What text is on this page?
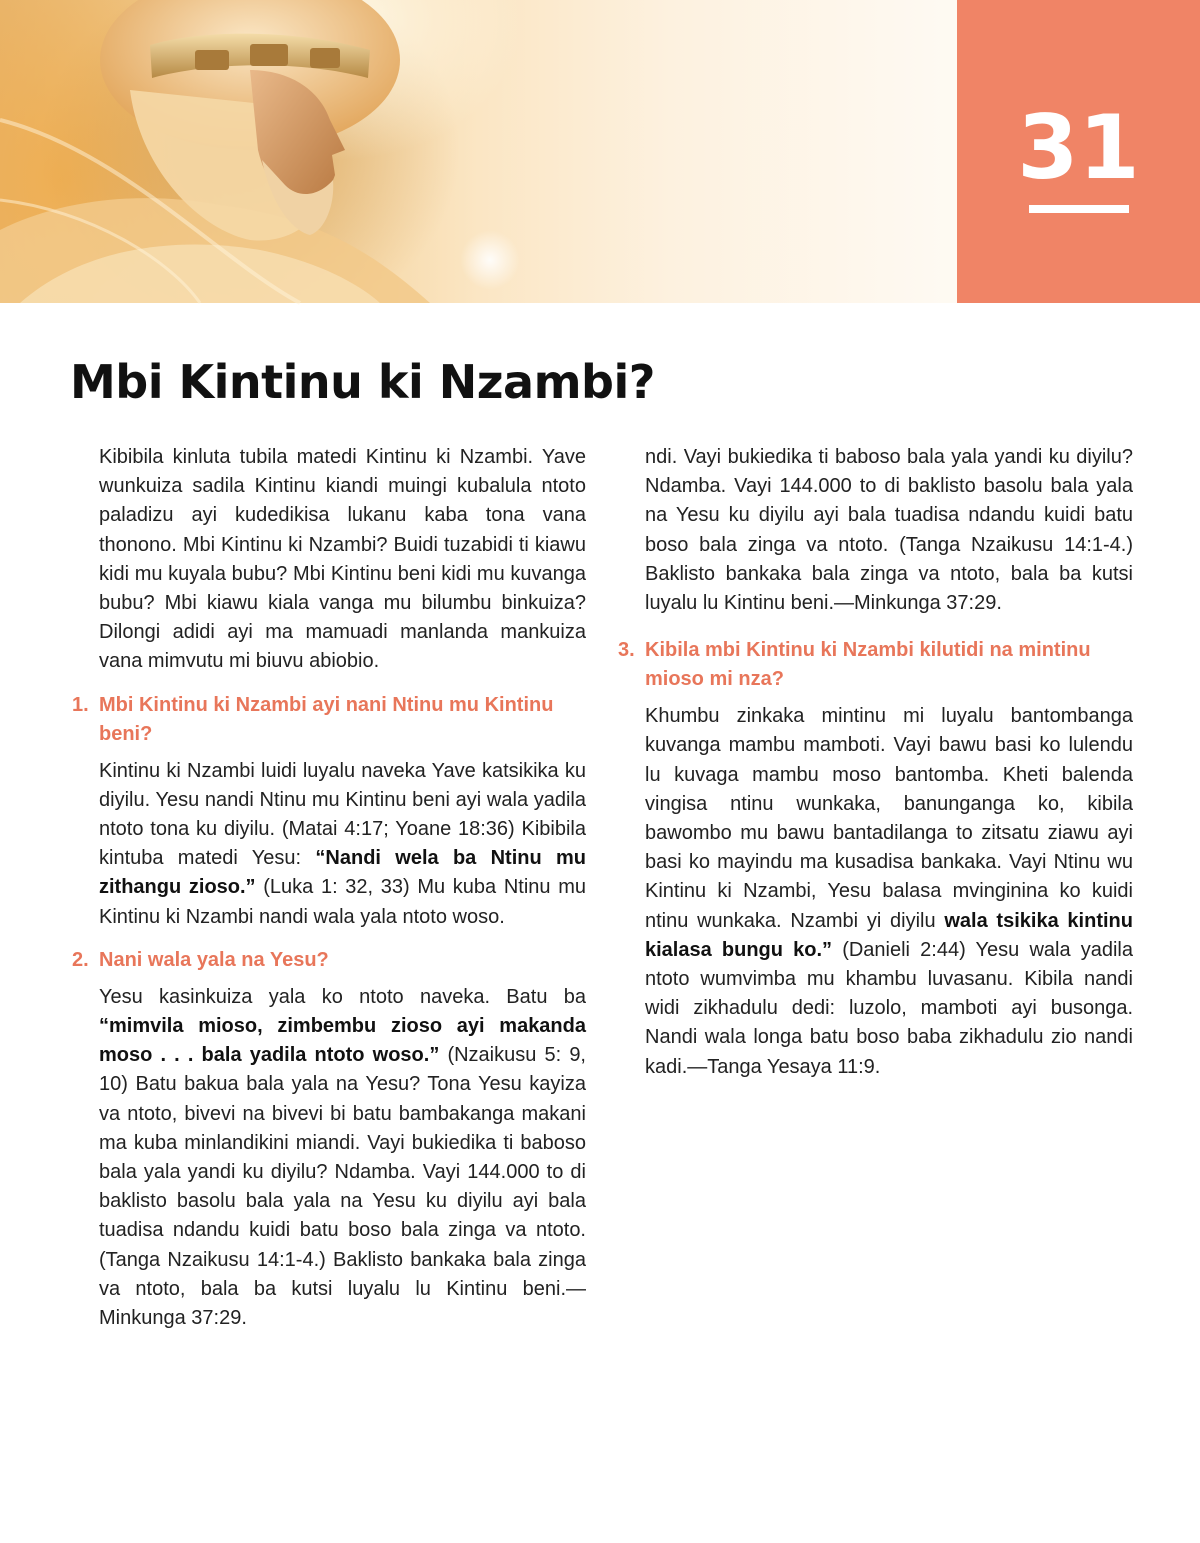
31
Mbi Kintinu ki Nzambi?

Kibibila kinluta tubila matedi Kintinu ki Nzambi. Yave wunkuiza sadila Kintinu kiandi muingi kubalula ntoto paladizu ayi kudedikisa lukanu kaba tona vana thonono. Mbi Kintinu ki Nzambi? Buidi tuzabidi ti kiawu kidi mu kuyala bubu? Mbi Kintinu beni kidi mu kuvanga bubu? Mbi kiawu kiala vanga mu bilumbu binkuiza? Dilongi adidi ayi ma mamuadi manlanda mankuiza vana mimvutu mi biuvu abiobio.

1. Mbi Kintinu ki Nzambi ayi nani Ntinu mu Kintinu beni?

Kintinu ki Nzambi luidi luyalu naveka Yave katsikika ku diyilu. Yesu nandi Ntinu mu Kintinu beni ayi wala yadila ntoto tona ku diyilu. (Matai 4:17; Yoane 18:36) Kibibila kintuba matedi Yesu: “Nandi wela ba Ntinu mu zithangu zioso.” (Luka 1: 32, 33) Mu kuba Ntinu mu Kintinu ki Nzambi nandi wala yala ntoto woso.

2. Nani wala yala na Yesu?

Yesu kasinkuiza yala ko ntoto naveka. Batu ba “mimvila mioso, zimbembu zioso ayi makanda moso . . . bala yadila ntoto woso.” (Nzaikusu 5: 9, 10) Batu bakua bala yala na Yesu? Tona Yesu kayiza va ntoto, bivevi na bivevi bi batu bambakanga makani ma kuba minlandikini miandi. Vayi bukiedika ti baboso bala yala yandi ku diyilu? Ndamba. Vayi 144.000 to di baklisto basolu bala yala na Yesu ku diyilu ayi bala tuadisa ndandu kuidi batu boso bala zinga va ntoto. (Tanga Nzaikusu 14:1-4.) Baklisto bankaka bala zinga va ntoto, bala ba kutsi luyalu lu Kintinu beni.—Minkunga 37:29.

ndi. Vayi bukiedika ti baboso bala yala yandi ku diyilu? Ndamba. Vayi 144.000 to di baklisto basolu bala yala na Yesu ku diyilu ayi bala tuadisa ndandu kuidi batu boso bala zinga va ntoto. (Tanga Nzaikusu 14:1-4.) Baklisto bankaka bala zinga va ntoto, bala ba kutsi luyalu lu Kintinu beni.—Minkunga 37:29.

3. Kibila mbi Kintinu ki Nzambi kilutidi na mintinu mioso mi nza?

Khumbu zinkaka mintinu mi luyalu bantombanga kuvanga mambu mamboti. Vayi bawu basi ko lulendu lu kuvaga mambu moso bantomba. Kheti balenda vingisa ntinu wunkaka, banunganga ko, kibila bawombo mu bawu bantadilanga to zitsatu ziawu ayi basi ko mayindu ma kusadisa bankaka. Vayi Ntinu wu Kintinu ki Nzambi, Yesu balasa mvinginina ko kuidi ntinu wunkaka. Nzambi yi diyilu wala tsikika kintinu kialasa bungu ko.” (Danieli 2:44) Yesu wala yadila ntoto wumvimba mu khambu luvasanu. Kibila nandi widi zikhadulu dedi: luzolo, mamboti ayi busonga. Nandi wala longa batu boso baba zikhadulu zio nandi kadi.—Tanga Yesaya 11:9.
